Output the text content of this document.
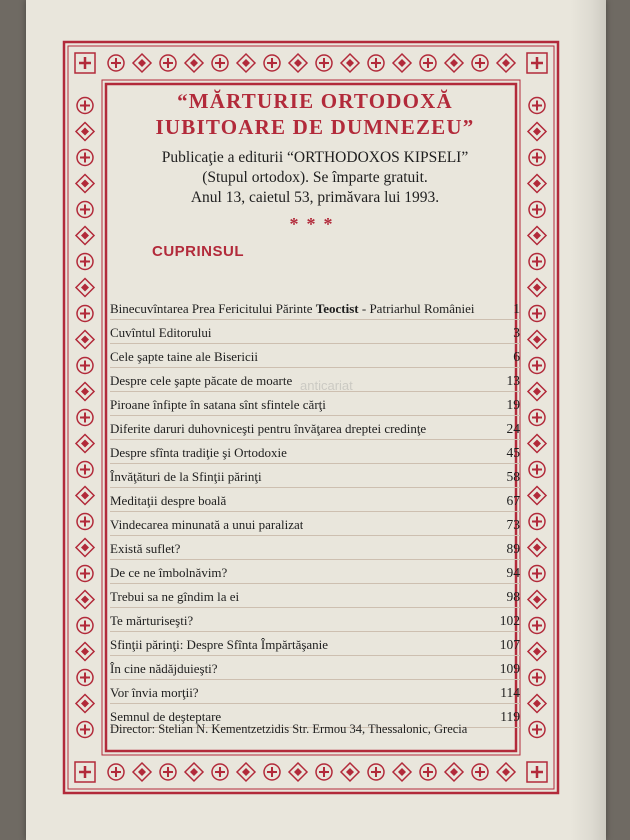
anticariat

“MĂRTURIE ORTODOXĂ

IUBITOARE DE DUMNEZEU”

Publicaţie a editurii “ORTHODOXOS KIPSELI”
(Stupul ortodox). Se împarte gratuit.
Anul 13, caietul 53, primăvara lui 1993.
***
CUPRINSUL
Binecuvîntarea Prea Fericitului Părinte Teoctist - Patriarhul României	1
Cuvîntul Editorului	3
Cele şapte taine ale Bisericii	6
Despre cele şapte păcate de moarte	13
Piroane înfipte în satana sînt sfintele cărţi	19
Diferite daruri duhovniceşti pentru învăţarea dreptei credinţe	24
Despre sfînta tradiţie şi Ortodoxie	45
Învăţături de la Sfinţii părinţi	58
Meditaţii despre boală	67
Vindecarea minunată a unui paralizat	73
Există suflet?	89
De ce ne îmbolnăvim?	94
Trebui sa ne gîndim la ei	98
Te mărturiseşti?	102
Sfinţii părinţi: Despre Sfînta Împărtăşanie	107
În cine nădăjduieşti?	109
Vor învia morţii?	114
Semnul de deşteptare	119
Director: Stelian N. Kementzetzidis Str. Ermou 34, Thessalonic, Grecia
